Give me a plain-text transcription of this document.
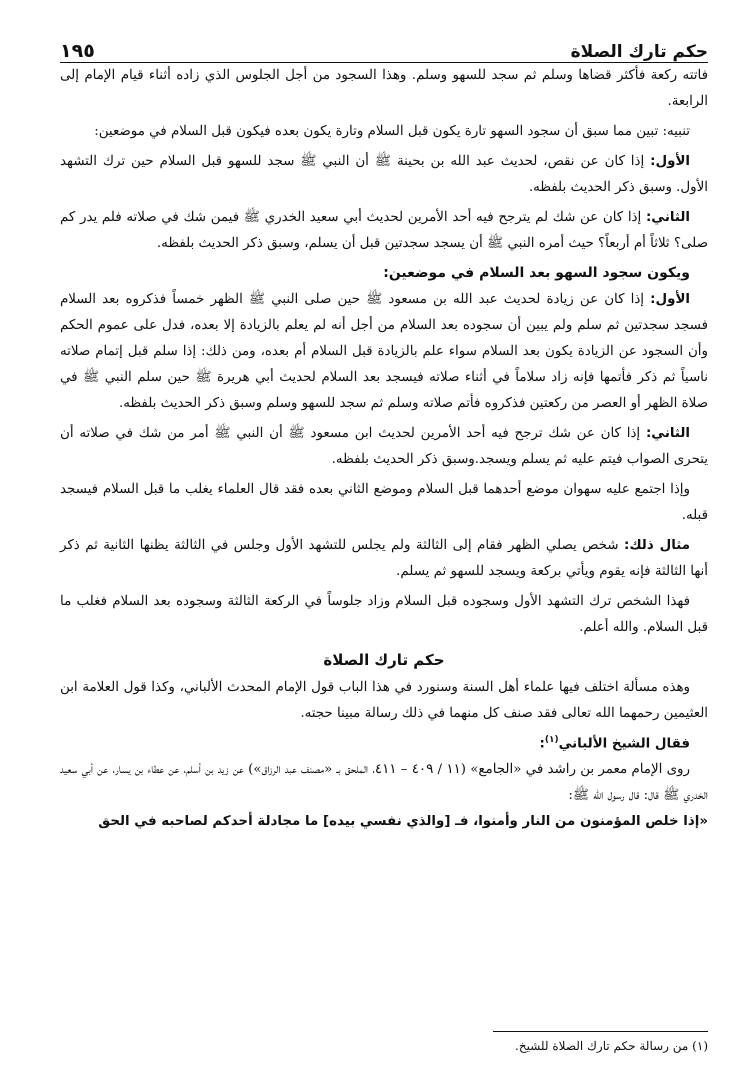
حكم تارك الصلاة
١٩٥

فاتته ركعة فأكثر قضاها وسلم ثم سجد للسهو وسلم. وهذا السجود من أجل الجلوس الذي زاده أثناء قيام الإمام إلى الرابعة.

تنبيه: تبين مما سبق أن سجود السهو تارة يكون قبل السلام وتارة يكون بعده فيكون قبل السلام في موضعين:

الأول: إذا كان عن نقص، لحديث عبد الله بن بحينة ﷺ أن النبي ﷺ سجد للسهو قبل السلام حين ترك التشهد الأول. وسبق ذكر الحديث بلفظه.

الثاني: إذا كان عن شك لم يترجح فيه أحد الأمرين لحديث أبي سعيد الخدري ﷺ فيمن شك في صلاته فلم يدر كم صلى؟ ثلاثاً أم أربعاً؟ حيث أمره النبي ﷺ أن يسجد سجدتين قبل أن يسلم، وسبق ذكر الحديث بلفظه.

ويكون سجود السهو بعد السلام في موضعين:

الأول: إذا كان عن زيادة لحديث عبد الله بن مسعود ﷺ حين صلى النبي ﷺ الظهر خمساً فذكروه بعد السلام فسجد سجدتين ثم سلم ولم يبين أن سجوده بعد السلام من أجل أنه لم يعلم بالزيادة إلا بعده، فدل على عموم الحكم وأن السجود عن الزيادة يكون بعد السلام سواء علم بالزيادة قبل السلام أم بعده، ومن ذلك: إذا سلم قبل إتمام صلاته ناسياً ثم ذكر فأتمها فإنه زاد سلاماً في أثناء صلاته فيسجد بعد السلام لحديث أبي هريرة ﷺ حين سلم النبي ﷺ في صلاة الظهر أو العصر من ركعتين فذكروه فأتم صلاته وسلم ثم سجد للسهو وسلم وسبق ذكر الحديث بلفظه.

الثاني: إذا كان عن شك ترجح فيه أحد الأمرين لحديث ابن مسعود ﷺ أن النبي ﷺ أمر من شك في صلاته أن يتحرى الصواب فيتم عليه ثم يسلم ويسجد.وسبق ذكر الحديث بلفظه.

وإذا اجتمع عليه سهوان موضع أحدهما قبل السلام وموضع الثاني بعده فقد قال العلماء يغلب ما قبل السلام فيسجد قبله.

مثال ذلك: شخص يصلي الظهر فقام إلى الثالثة ولم يجلس للتشهد الأول وجلس في الثالثة يظنها الثانية ثم ذكر أنها الثالثة فإنه يقوم ويأتي بركعة ويسجد للسهو ثم يسلم.

فهذا الشخص ترك التشهد الأول وسجوده قبل السلام وزاد جلوساً في الركعة الثالثة وسجوده بعد السلام فغلب ما قبل السلام. والله أعلم.

حكم تارك الصلاة

وهذه مسألة اختلف فيها علماء أهل السنة وسنورد في هذا الباب قول الإمام المحدث الألباني، وكذا قول العلامة ابن العثيمين رحمهما الله تعالى فقد صنف كل منهما في ذلك رسالة مبينا حجته.

فقال الشيخ الألباني$^{(١)}$:

روى الإمام معمر بن راشد في «الجامع» (١١ / ٤٠٩ – ٤١١، الملحق بـ «مصنف عبد الرزاق») عن زيد بن أسلم، عن عطاء بن يسار، عن أبي سعيد الخدري ﷺ قال: قال رسول الله ﷺ:

«إذا خلص المؤمنون من النار وأمنوا، فـ [والذي نفسي بيده] ما مجادلة أحدكم لصاحبه في الحق

(١) من رسالة حكم تارك الصلاة للشيخ.
